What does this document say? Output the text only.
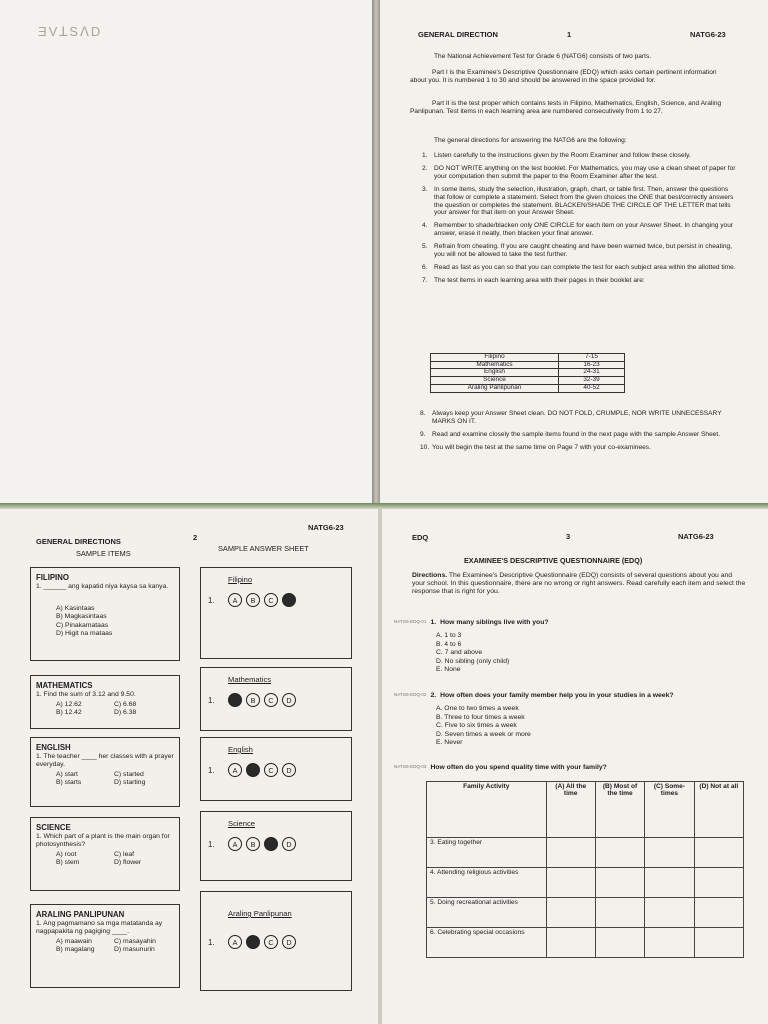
ƎVꓕSꓥD	GENERAL DIRECTION	1	NATG6-23
The National Achievement Test for Grade 6 (NATG6) consists of two parts.
Part I is the Examinee's Descriptive Questionnaire (EDQ) which asks certain pertinent information about you. It is numbered 1 to 30 and should be answered in the space provided for.
Part II is the test proper which contains tests in Filipino, Mathematics, English, Science, and Araling Panlipunan. Test items in each learning area are numbered consecutively from 1 to 27.
The general directions for answering the NATG6 are the following:
1. Listen carefully to the instructions given by the Room Examiner and follow these closely.
2. DO NOT WRITE anything on the test booklet. For Mathematics, you may use a clean sheet of paper for your computation then submit the paper to the Room Examiner after the test.
3. In some items, study the selection, illustration, graph, chart, or table first. Then, answer the questions that follow or complete a statement. Select from the given choices the ONE that best/correctly answers the question or completes the statement. BLACKEN/SHADE THE CIRCLE OF THE LETTER that tells your answer for that item on your Answer Sheet.
4. Remember to shade/blacken only ONE CIRCLE for each item on your Answer Sheet. In changing your answer, erase it neatly, then blacken your final answer.
5. Refrain from cheating. If you are caught cheating and have been warned twice, but persist in cheating, you will not be allowed to take the test further.
6. Read as fast as you can so that you can complete the test for each subject area within the allotted time.
7. The test items in each learning area with their pages in their booklet are:
Filipino	7-15
Mathematics	16-23
English	24-31
Science	32-39
Araling Panlipunan	40-52
8. Always keep your Answer Sheet clean. DO NOT FOLD, CRUMPLE, NOR WRITE UNNECESSARY MARKS ON IT.
9. Read and examine closely the sample items found in the next page with the sample Answer Sheet.
10. You will begin the test at the same time on Page 7 with your co-examinees.
NATG6-23
GENERAL DIRECTIONS	2
SAMPLE ITEMS
SAMPLE ANSWER SHEET
FILIPINO
1. ______ ang kapatid niya kaysa sa kanya.
A) Kasintaas
B) Magkasintaas
C) Pinakamataas
D) Higit na mataas
Filipino
1.	A	B	C	D
MATHEMATICS
1. Find the sum of 3.12 and 9.50.
A) 12.62	C) 6.68
B) 12.42	D) 6.38
Mathematics
1.	A	B	C	D
ENGLISH
1. The teacher ____ her classes with a prayer everyday.
A) start	C) started
B) starts	D) starting
English
1.	A	B	C	D
SCIENCE
1. Which part of a plant is the main organ for photosynthesis?
A) root	C) leaf
B) stem	D) flower
Science
1.	A	B	C	D
ARALING PANLIPUNAN
1. Ang pagmamano sa mga matatanda ay nagpapakita ng pagiging ____.
A) maawain	C) masayahin
B) magalang	D) masunurin
Araling Panlipunan
1.	A	B	C	D
EDQ	3	NATG6-23
EXAMINEE'S DESCRIPTIVE QUESTIONNAIRE (EDQ)
Directions. The Examinee's Descriptive Questionnaire (EDQ) consists of several questions about you and your school. In this questionnaire, there are no wrong or right answers. Read carefully each item and select the response that is right for you.
NATG6-EDQ-01 1. How many siblings live with you?
A. 1 to 3
B. 4 to 6
C. 7 and above
D. No sibling (only child)
E. None
NATG6-EDQ-02 2. How often does your family member help you in your studies in a week?
A. One to two times a week
B. Three to four times a week
C. Five to six times a week
D. Seven times a week or more
E. Never
NATG6-EDQ-03 How often do you spend quality time with your family?
Family Activity	(A) All the time	(B) Most of the time	(C) Some-times	(D) Not at all
3. Eating together				
4. Attending religious activities				
5. Doing recreational activities				
6. Celebrating special occasions				
